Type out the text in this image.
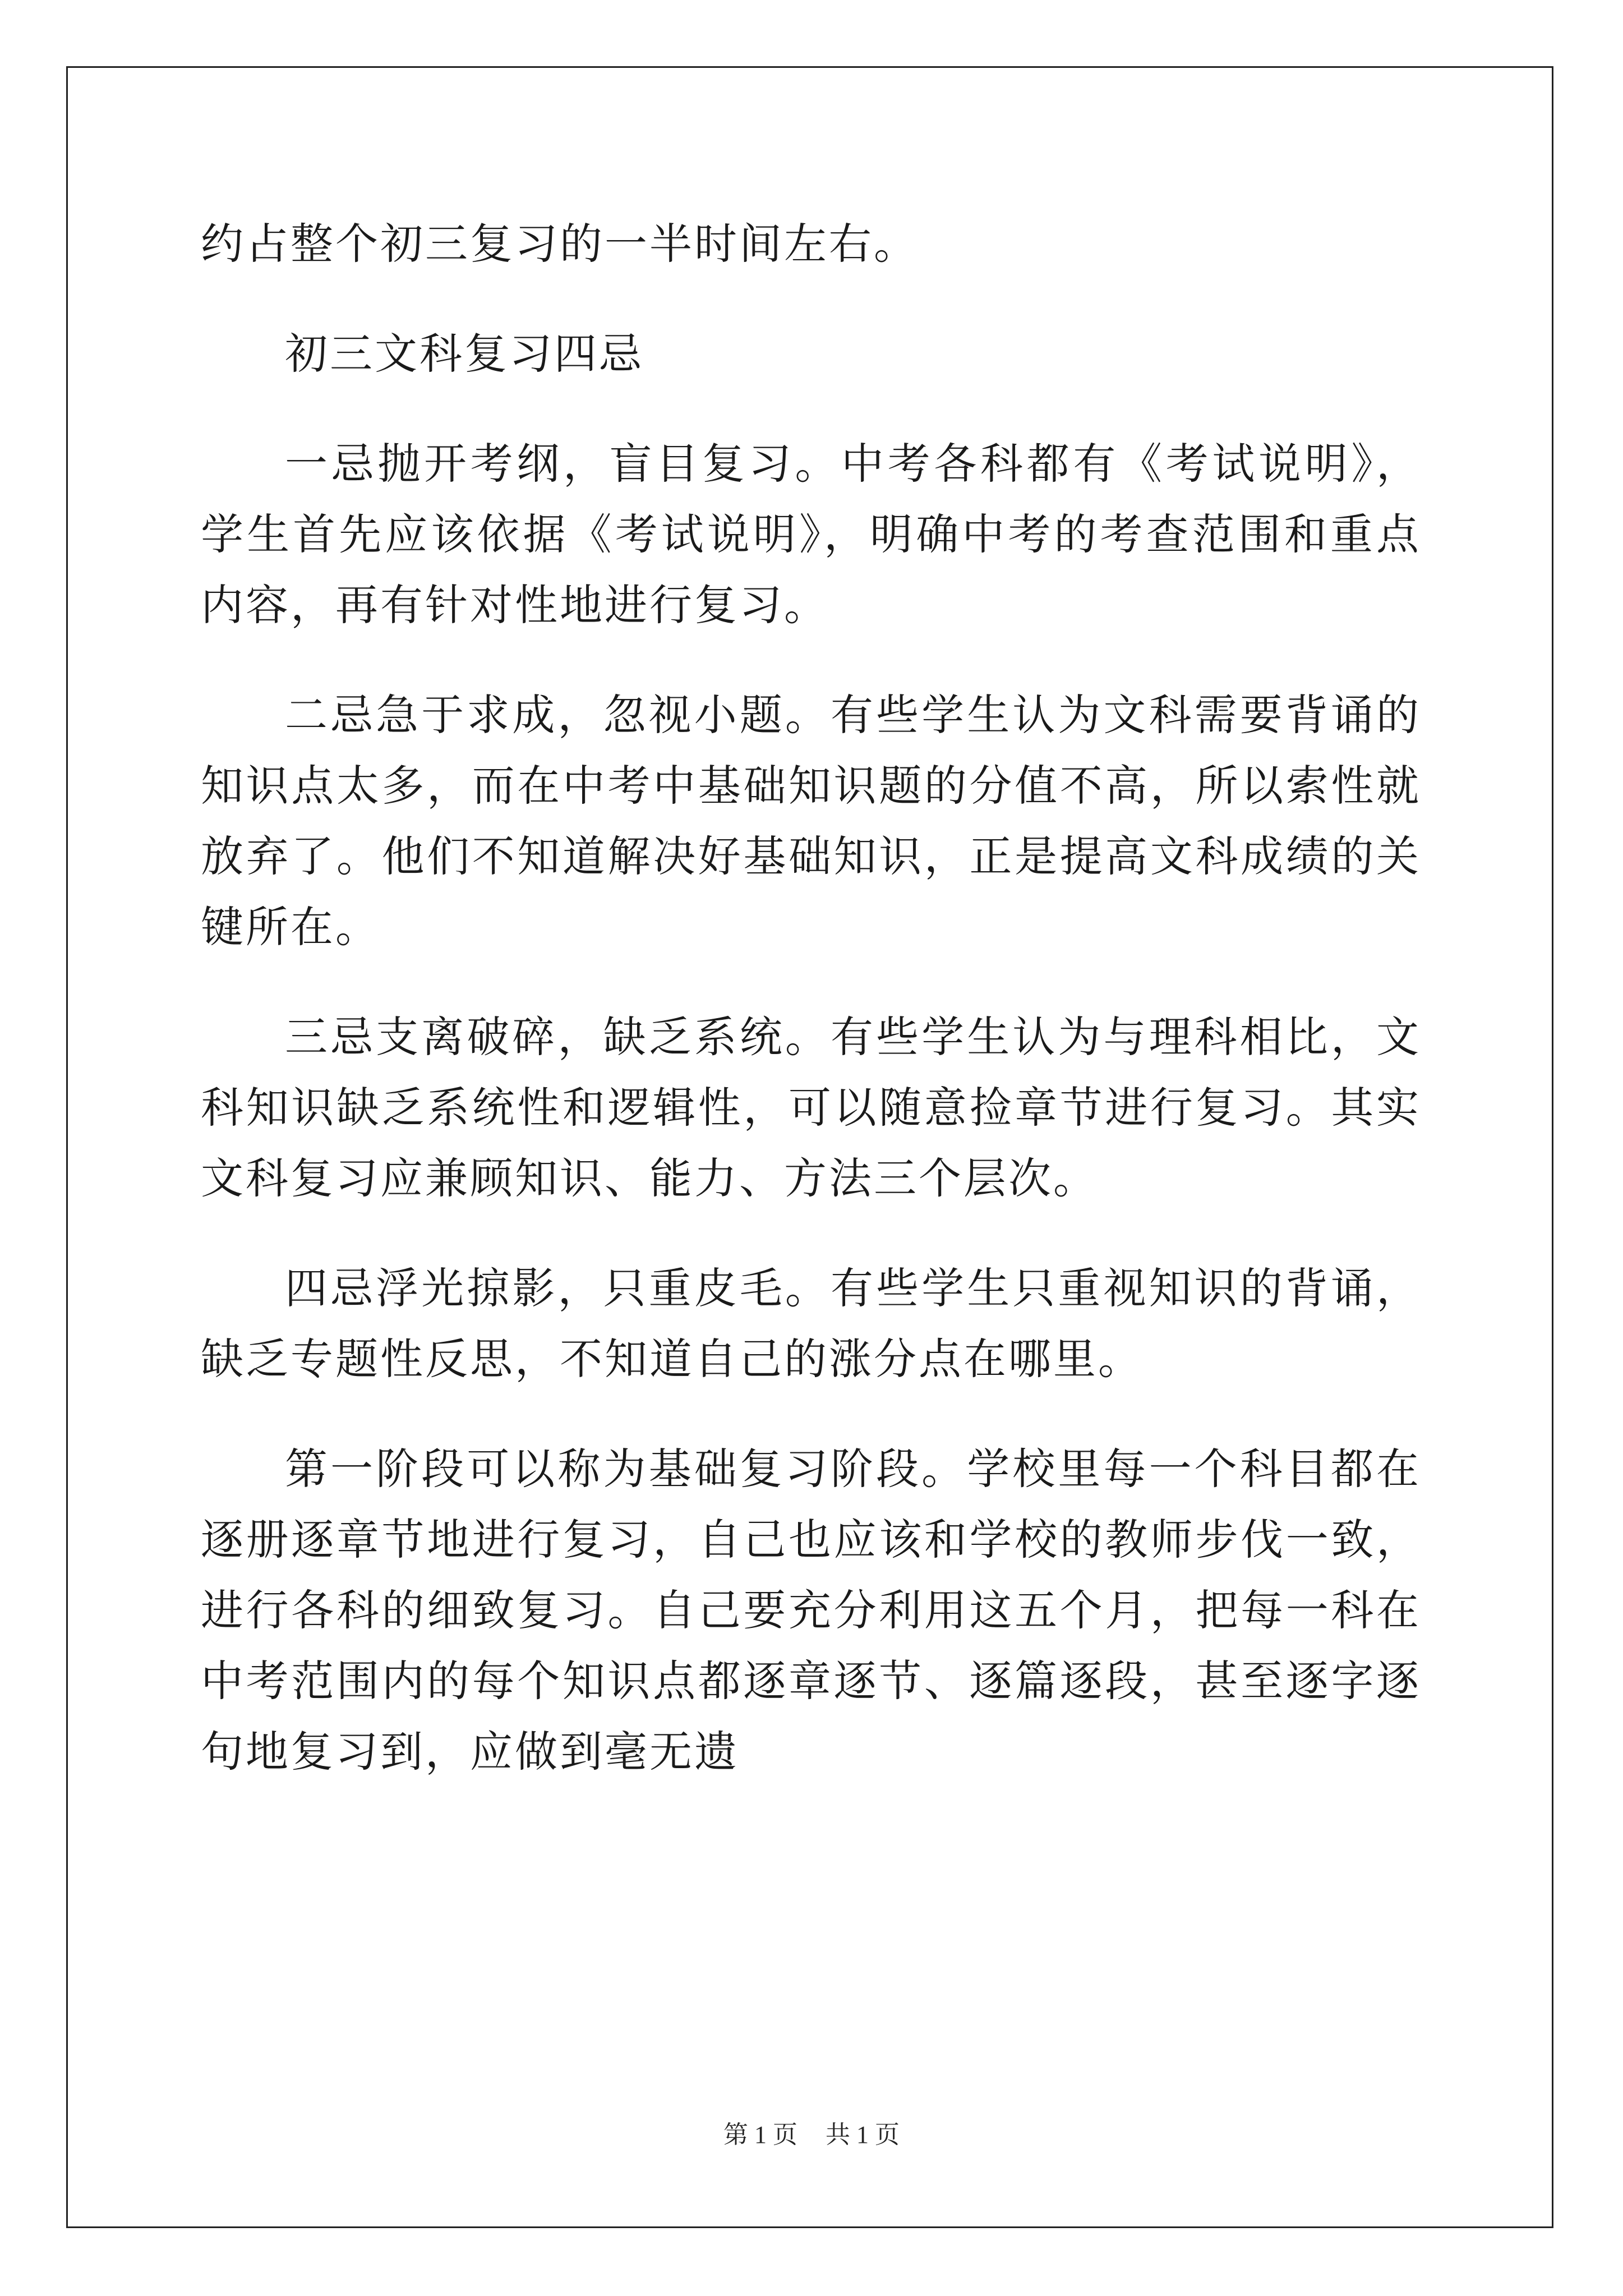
约占整个初三复习的一半时间左右。

初三文科复习四忌

一忌抛开考纲，盲目复习。中考各科都有《考试说明》，学生首先应该依据《考试说明》，明确中考的考查范围和重点内容，再有针对性地进行复习。

二忌急于求成，忽视小题。有些学生认为文科需要背诵的知识点太多，而在中考中基础知识题的分值不高，所以索性就放弃了。他们不知道解决好基础知识，正是提高文科成绩的关键所在。

三忌支离破碎，缺乏系统。有些学生认为与理科相比，文科知识缺乏系统性和逻辑性，可以随意捡章节进行复习。其实文科复习应兼顾知识、能力、方法三个层次。

四忌浮光掠影，只重皮毛。有些学生只重视知识的背诵，缺乏专题性反思，不知道自己的涨分点在哪里。

第一阶段可以称为基础复习阶段。学校里每一个科目都在逐册逐章节地进行复习，自己也应该和学校的教师步伐一致，进行各科的细致复习。自己要充分利用这五个月，把每一科在中考范围内的每个知识点都逐章逐节、逐篇逐段，甚至逐字逐句地复习到，应做到毫无遗

第 1 页 共 1 页
